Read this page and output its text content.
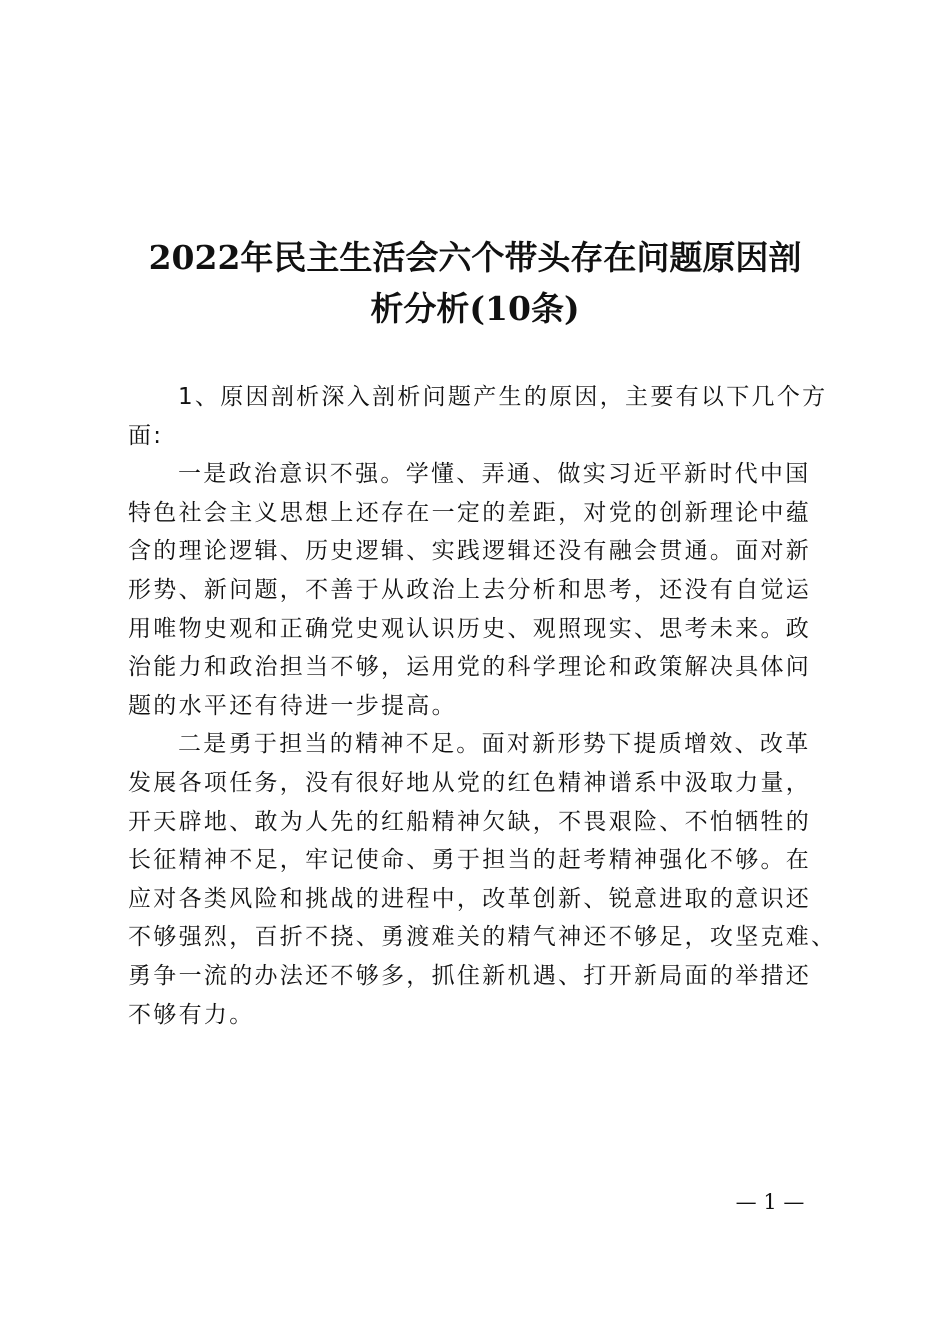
2022年民主生活会六个带头存在问题原因剖
析分析(10条)
1、原因剖析深入剖析问题产生的原因，主要有以下几个方
面:
一是政治意识不强。学懂、弄通、做实习近平新时代中国
特色社会主义思想上还存在一定的差距，对党的创新理论中蕴
含的理论逻辑、历史逻辑、实践逻辑还没有融会贯通。面对新
形势、新问题，不善于从政治上去分析和思考，还没有自觉运
用唯物史观和正确党史观认识历史、观照现实、思考未来。政
治能力和政治担当不够，运用党的科学理论和政策解决具体问
题的水平还有待进一步提高。
二是勇于担当的精神不足。面对新形势下提质增效、改革
发展各项任务，没有很好地从党的红色精神谱系中汲取力量，
开天辟地、敢为人先的红船精神欠缺，不畏艰险、不怕牺牲的
长征精神不足，牢记使命、勇于担当的赶考精神强化不够。在
应对各类风险和挑战的进程中，改革创新、锐意进取的意识还
不够强烈，百折不挠、勇渡难关的精气神还不够足，攻坚克难、
勇争一流的办法还不够多，抓住新机遇、打开新局面的举措还
不够有力。
— 1 —
